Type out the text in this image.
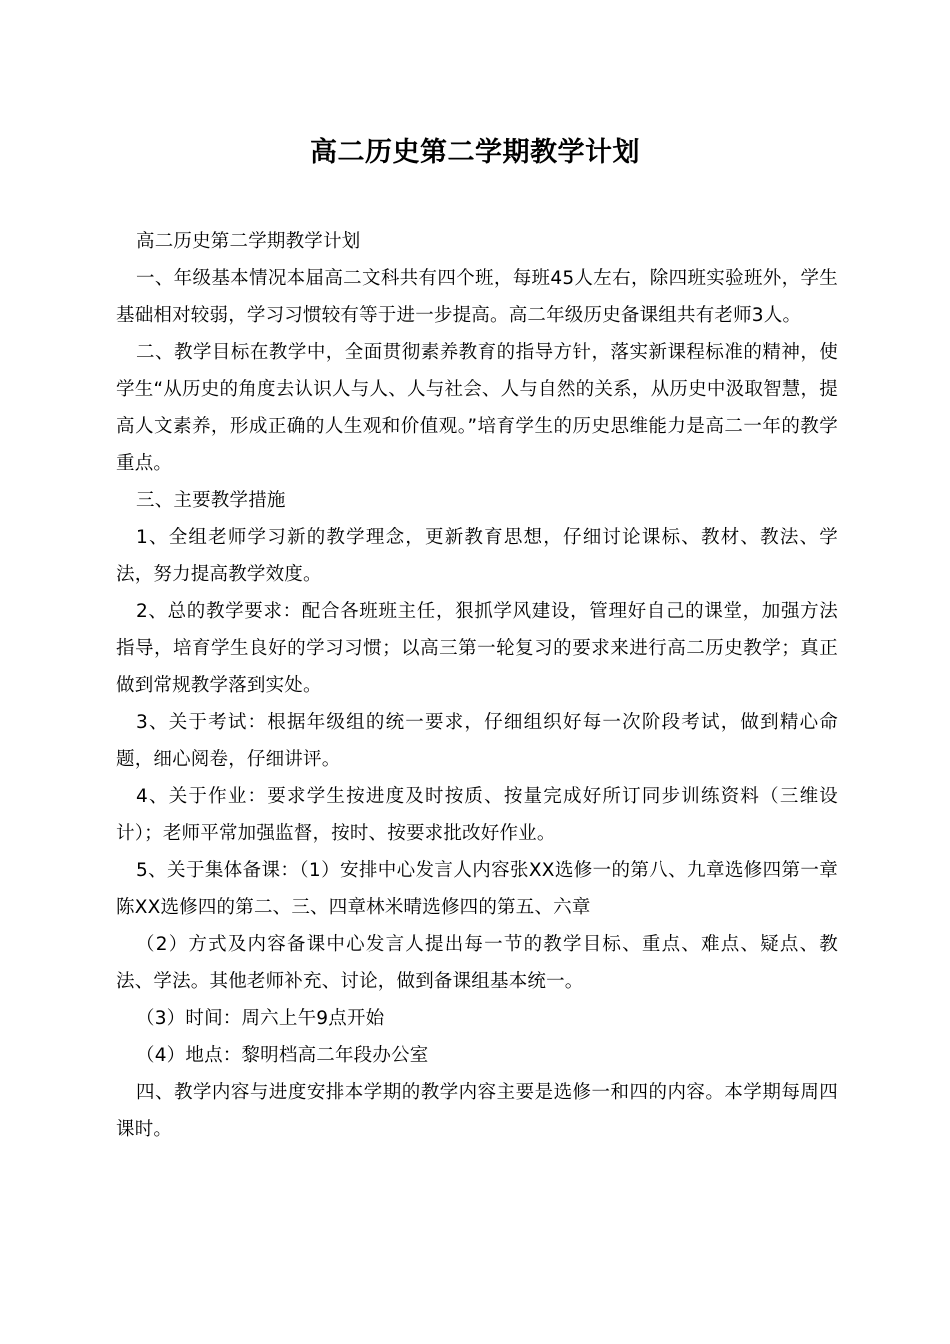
高二历史第二学期教学计划

高二历史第二学期教学计划

一、年级基本情况本届高二文科共有四个班，每班45人左右，除四班实验班外，学生基础相对较弱，学习习惯较有等于进一步提高。高二年级历史备课组共有老师3人。

二、教学目标在教学中，全面贯彻素养教育的指导方针，落实新课程标准的精神，使学生“从历史的角度去认识人与人、人与社会、人与自然的关系，从历史中汲取智慧，提高人文素养，形成正确的人生观和价值观。”培育学生的历史思维能力是高二一年的教学重点。

三、主要教学措施

1、全组老师学习新的教学理念，更新教育思想，仔细讨论课标、教材、教法、学法，努力提高教学效度。

2、总的教学要求：配合各班班主任，狠抓学风建设，管理好自己的课堂，加强方法指导，培育学生良好的学习习惯；以高三第一轮复习的要求来进行高二历史教学；真正做到常规教学落到实处。

3、关于考试：根据年级组的统一要求，仔细组织好每一次阶段考试，做到精心命题，细心阅卷，仔细讲评。

4、关于作业：要求学生按进度及时按质、按量完成好所订同步训练资料（三维设计）；老师平常加强监督，按时、按要求批改好作业。

5、关于集体备课：（1）安排中心发言人内容张XX选修一的第八、九章选修四第一章陈XX选修四的第二、三、四章林米晴选修四的第五、六章

（2）方式及内容备课中心发言人提出每一节的教学目标、重点、难点、疑点、教法、学法。其他老师补充、讨论，做到备课组基本统一。

（3）时间：周六上午9点开始

（4）地点：黎明档高二年段办公室

四、教学内容与进度安排本学期的教学内容主要是选修一和四的内容。本学期每周四课时。
